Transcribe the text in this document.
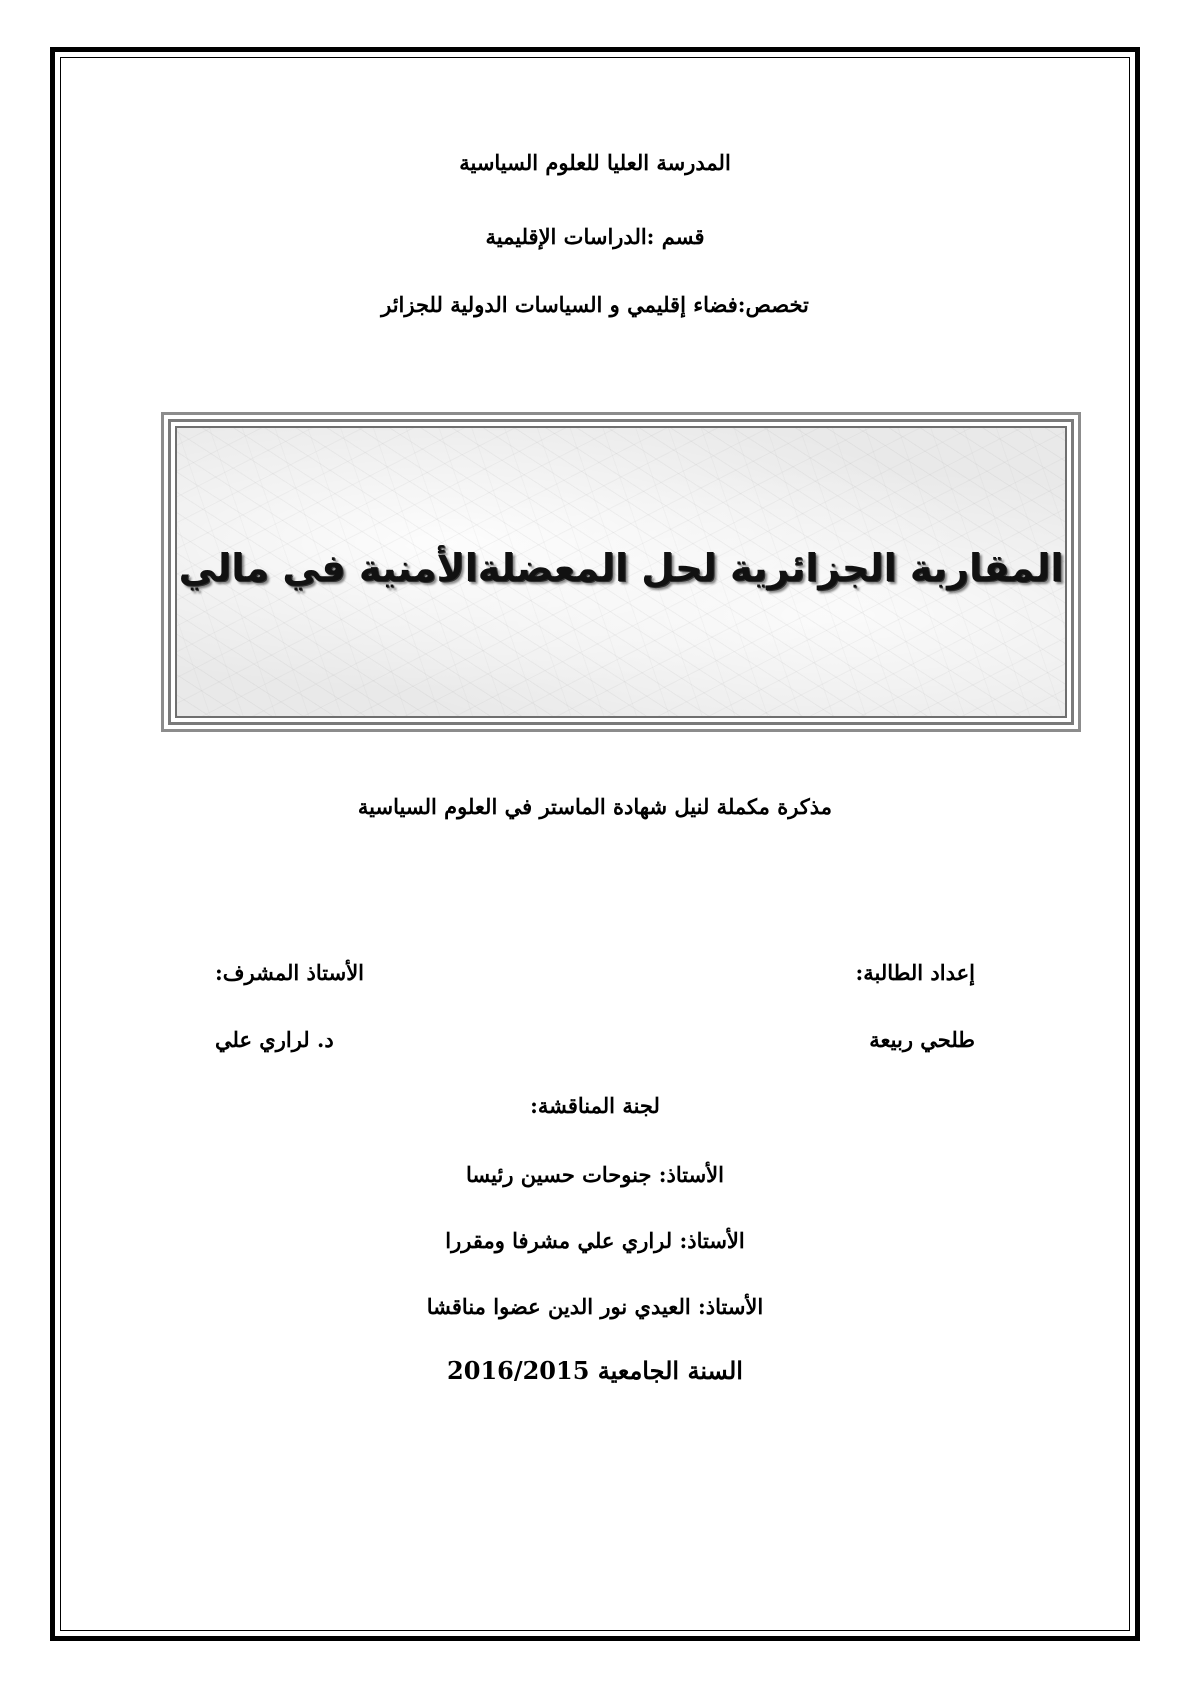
المدرسة العليا للعلوم السياسية
قسم :الدراسات الإقليمية
تخصص:فضاء إقليمي و السياسات الدولية للجزائر
المقاربة الجزائرية لحل المعضلةالأمنية في مالي
مذكرة مكملة لنيل شهادة الماستر في العلوم السياسية
إعداد الطالبة:
الأستاذ المشرف:
طلحي ربيعة
د. لراري علي
لجنة المناقشة:
الأستاذ: جنوحات حسين رئيسا
الأستاذ: لراري علي مشرفا ومقررا
الأستاذ: العيدي نور الدين عضوا مناقشا
السنة الجامعية 2016/2015
